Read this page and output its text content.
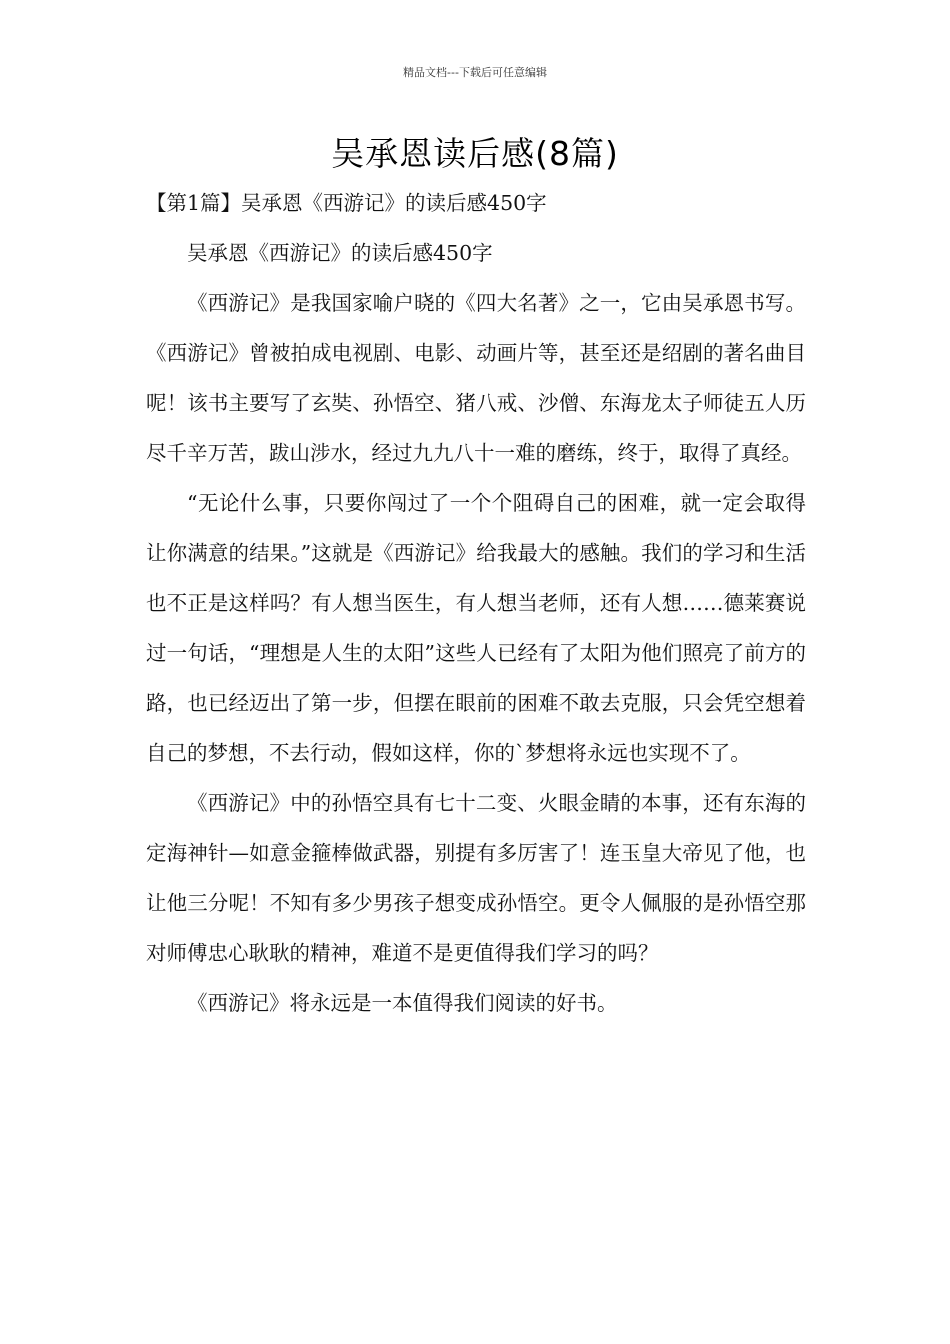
精品文档---下载后可任意编辑
吴承恩读后感(8篇)

【第1篇】吴承恩《西游记》的读后感450字

吴承恩《西游记》的读后感450字

《西游记》是我国家喻户晓的《四大名著》之一，它由吴承恩书写。《西游记》曾被拍成电视剧、电影、动画片等，甚至还是绍剧的著名曲目呢！该书主要写了玄奘、孙悟空、猪八戒、沙僧、东海龙太子师徒五人历尽千辛万苦，跋山涉水，经过九九八十一难的磨练，终于，取得了真经。

“无论什么事，只要你闯过了一个个阻碍自己的困难，就一定会取得让你满意的结果。”这就是《西游记》给我最大的感触。我们的学习和生活也不正是这样吗？有人想当医生，有人想当老师，还有人想……德莱赛说过一句话，“理想是人生的太阳”这些人已经有了太阳为他们照亮了前方的路，也已经迈出了第一步，但摆在眼前的困难不敢去克服，只会凭空想着自己的梦想，不去行动，假如这样，你的`梦想将永远也实现不了。

《西游记》中的孙悟空具有七十二变、火眼金睛的本事，还有东海的定海神针—如意金箍棒做武器，别提有多厉害了！连玉皇大帝见了他，也让他三分呢！不知有多少男孩子想变成孙悟空。更令人佩服的是孙悟空那对师傅忠心耿耿的精神，难道不是更值得我们学习的吗？

《西游记》将永远是一本值得我们阅读的好书。
